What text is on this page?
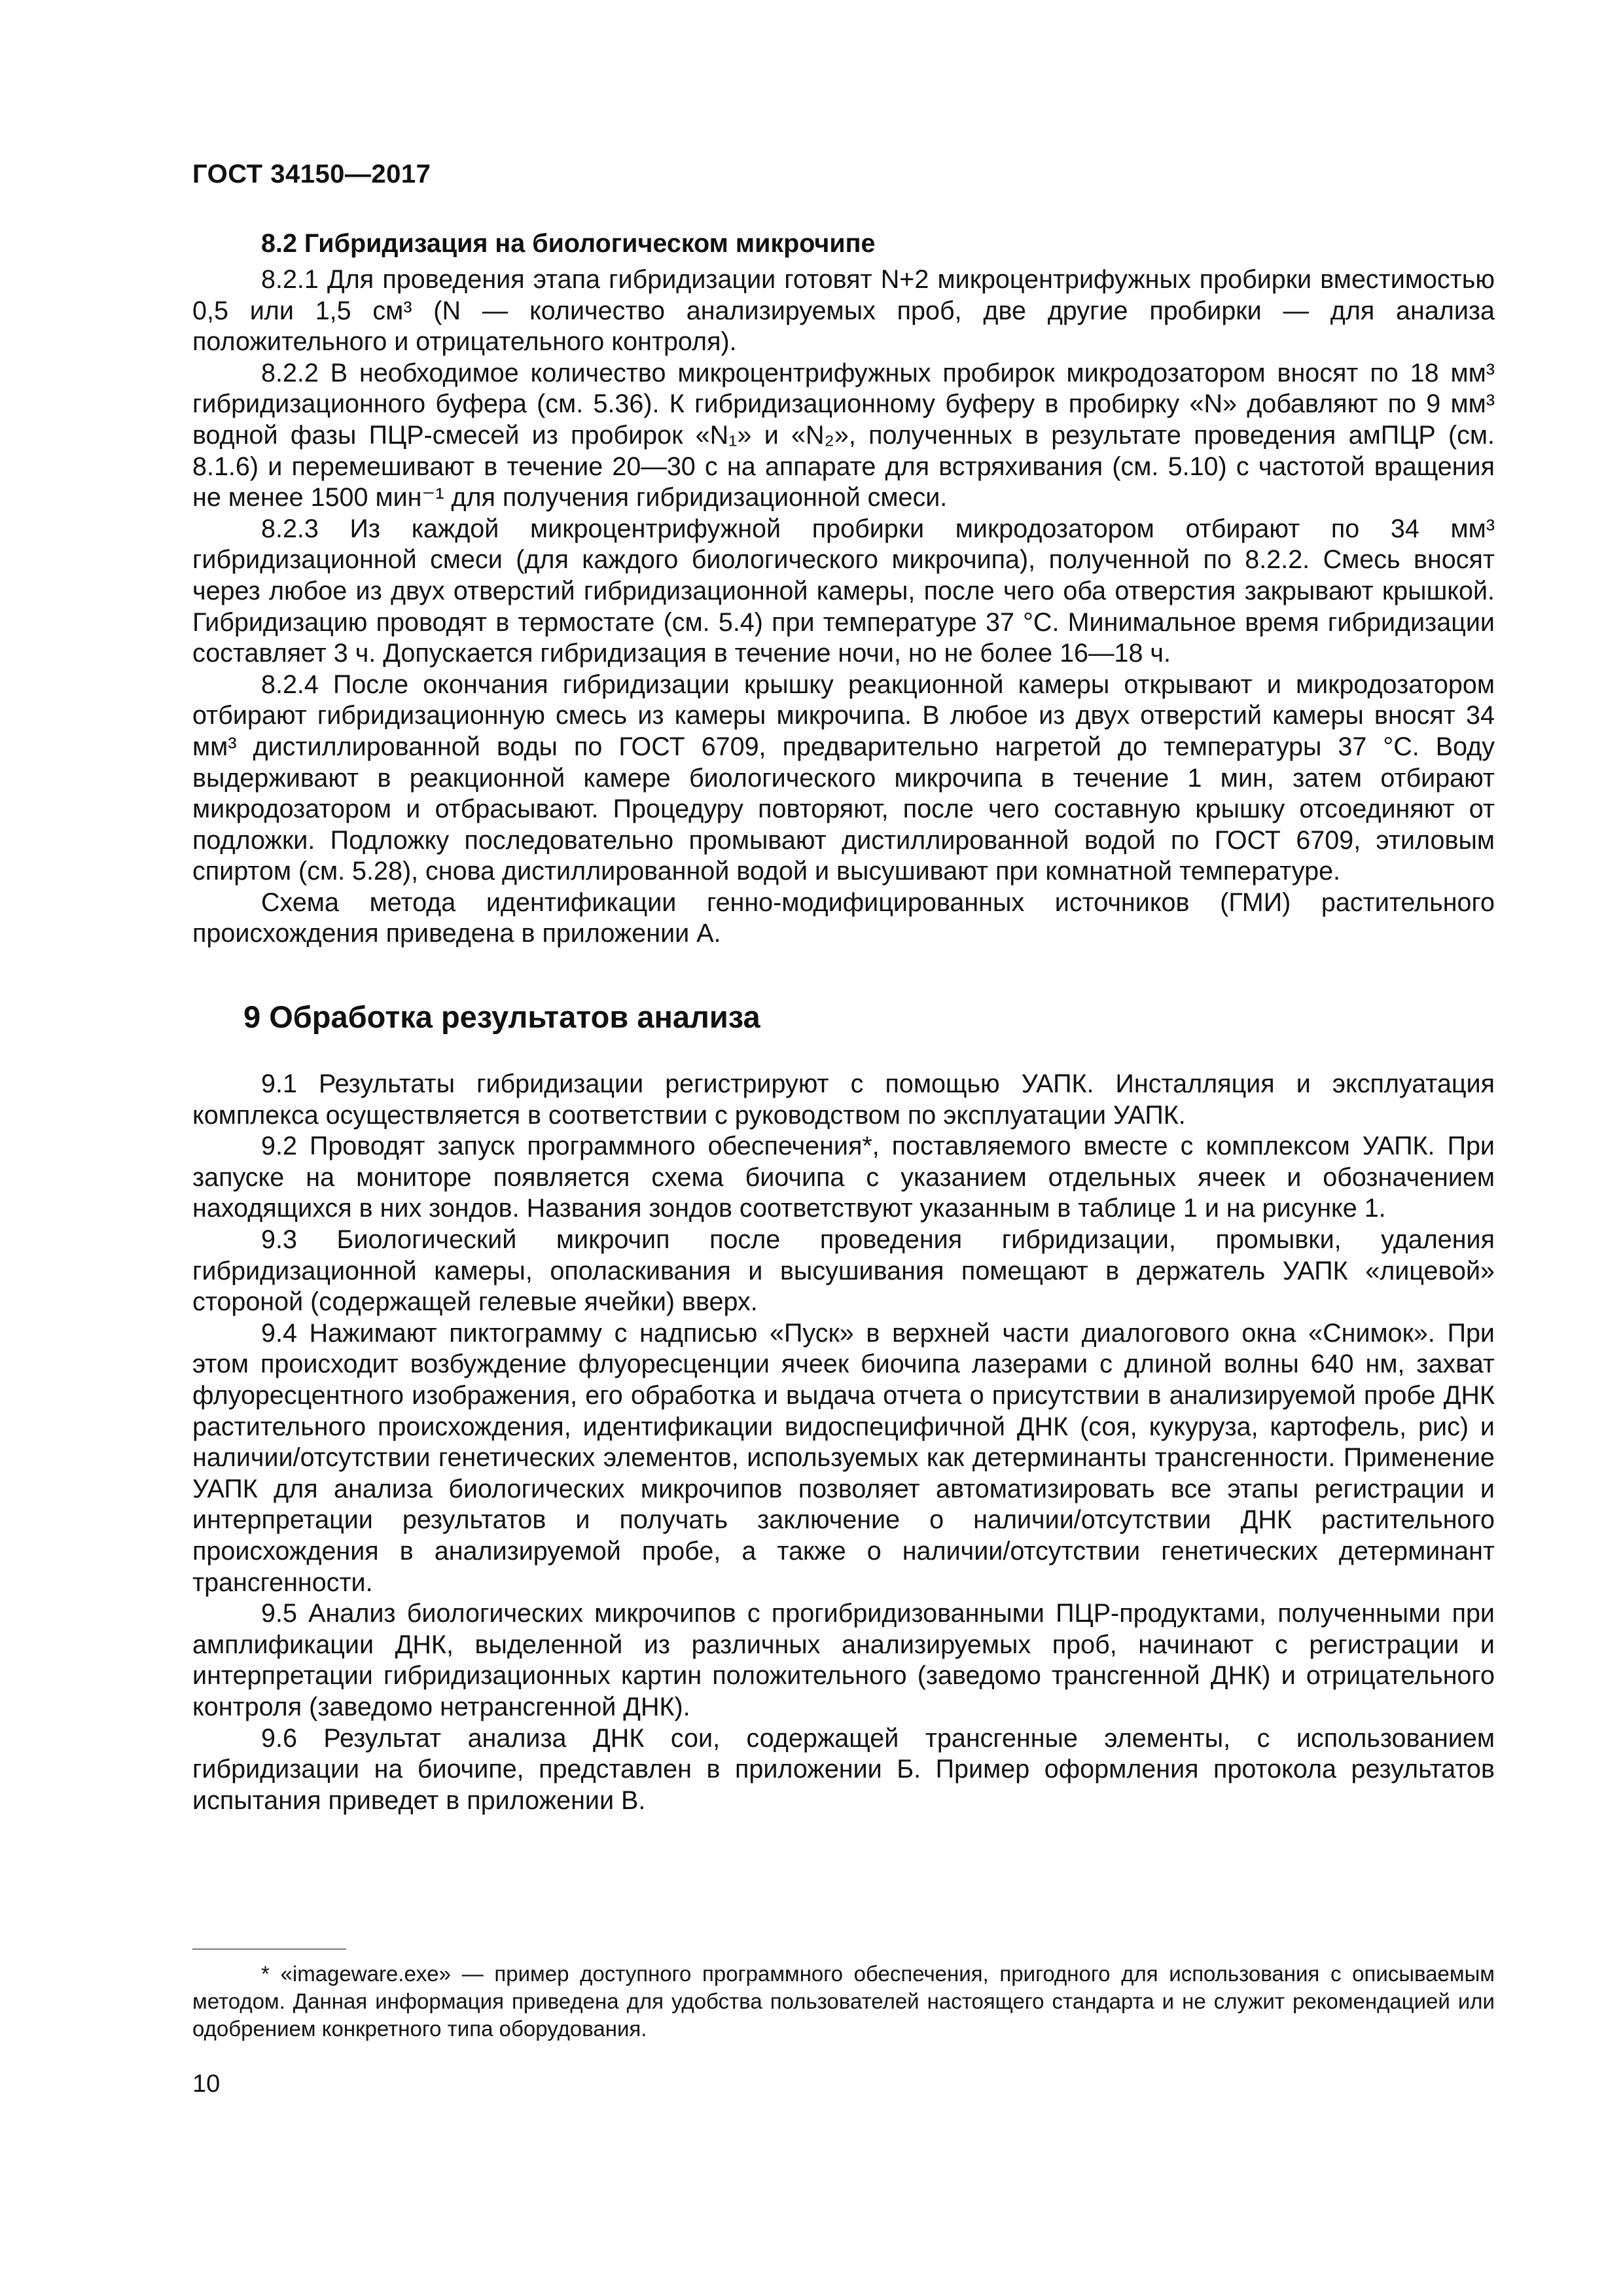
ГОСТ 34150—2017
8.2 Гибридизация на биологическом микрочипе

8.2.1 Для проведения этапа гибридизации готовят N+2 микроцентрифужных пробирки вместимостью 0,5 или 1,5 см³ (N — количество анализируемых проб, две другие пробирки — для анализа положительного и отрицательного контроля).

8.2.2 В необходимое количество микроцентрифужных пробирок микродозатором вносят по 18 мм³ гибридизационного буфера (см. 5.36). К гибридизационному буферу в пробирку «N» добавляют по 9 мм³ водной фазы ПЦР-смесей из пробирок «N₁» и «N₂», полученных в результате проведения амПЦР (см. 8.1.6) и перемешивают в течение 20—30 с на аппарате для встряхивания (см. 5.10) с частотой вращения не менее 1500 мин⁻¹ для получения гибридизационной смеси.

8.2.3 Из каждой микроцентрифужной пробирки микродозатором отбирают по 34 мм³ гибридизационной смеси (для каждого биологического микрочипа), полученной по 8.2.2. Смесь вносят через любое из двух отверстий гибридизационной камеры, после чего оба отверстия закрывают крышкой. Гибридизацию проводят в термостате (см. 5.4) при температуре 37 °С. Минимальное время гибридизации составляет 3 ч. Допускается гибридизация в течение ночи, но не более 16—18 ч.

8.2.4 После окончания гибридизации крышку реакционной камеры открывают и микродозатором отбирают гибридизационную смесь из камеры микрочипа. В любое из двух отверстий камеры вносят 34 мм³ дистиллированной воды по ГОСТ 6709, предварительно нагретой до температуры 37 °С. Воду выдерживают в реакционной камере биологического микрочипа в течение 1 мин, затем отбирают микродозатором и отбрасывают. Процедуру повторяют, после чего составную крышку отсоединяют от подложки. Подложку последовательно промывают дистиллированной водой по ГОСТ 6709, этиловым спиртом (см. 5.28), снова дистиллированной водой и высушивают при комнатной температуре.

Схема метода идентификации генно-модифицированных источников (ГМИ) растительного происхождения приведена в приложении А.

9 Обработка результатов анализа

9.1 Результаты гибридизации регистрируют с помощью УАПК. Инсталляция и эксплуатация комплекса осуществляется в соответствии с руководством по эксплуатации УАПК.

9.2 Проводят запуск программного обеспечения*, поставляемого вместе с комплексом УАПК. При запуске на мониторе появляется схема биочипа с указанием отдельных ячеек и обозначением находящихся в них зондов. Названия зондов соответствуют указанным в таблице 1 и на рисунке 1.

9.3 Биологический микрочип после проведения гибридизации, промывки, удаления гибридизационной камеры, ополаскивания и высушивания помещают в держатель УАПК «лицевой» стороной (содержащей гелевые ячейки) вверх.

9.4 Нажимают пиктограмму с надписью «Пуск» в верхней части диалогового окна «Снимок». При этом происходит возбуждение флуоресценции ячеек биочипа лазерами с длиной волны 640 нм, захват флуоресцентного изображения, его обработка и выдача отчета о присутствии в анализируемой пробе ДНК растительного происхождения, идентификации видоспецифичной ДНК (соя, кукуруза, картофель, рис) и наличии/отсутствии генетических элементов, используемых как детерминанты трансгенности. Применение УАПК для анализа биологических микрочипов позволяет автоматизировать все этапы регистрации и интерпретации результатов и получать заключение о наличии/отсутствии ДНК растительного происхождения в анализируемой пробе, а также о наличии/отсутствии генетических детерминант трансгенности.

9.5 Анализ биологических микрочипов с прогибридизованными ПЦР-продуктами, полученными при амплификации ДНК, выделенной из различных анализируемых проб, начинают с регистрации и интерпретации гибридизационных картин положительного (заведомо трансгенной ДНК) и отрицательного контроля (заведомо нетрансгенной ДНК).

9.6 Результат анализа ДНК сои, содержащей трансгенные элементы, с использованием гибридизации на биочипе, представлен в приложении Б. Пример оформления протокола результатов испытания приведет в приложении В.

* «imageware.exe» — пример доступного программного обеспечения, пригодного для использования с описываемым методом. Данная информация приведена для удобства пользователей настоящего стандарта и не служит рекомендацией или одобрением конкретного типа оборудования.

10
